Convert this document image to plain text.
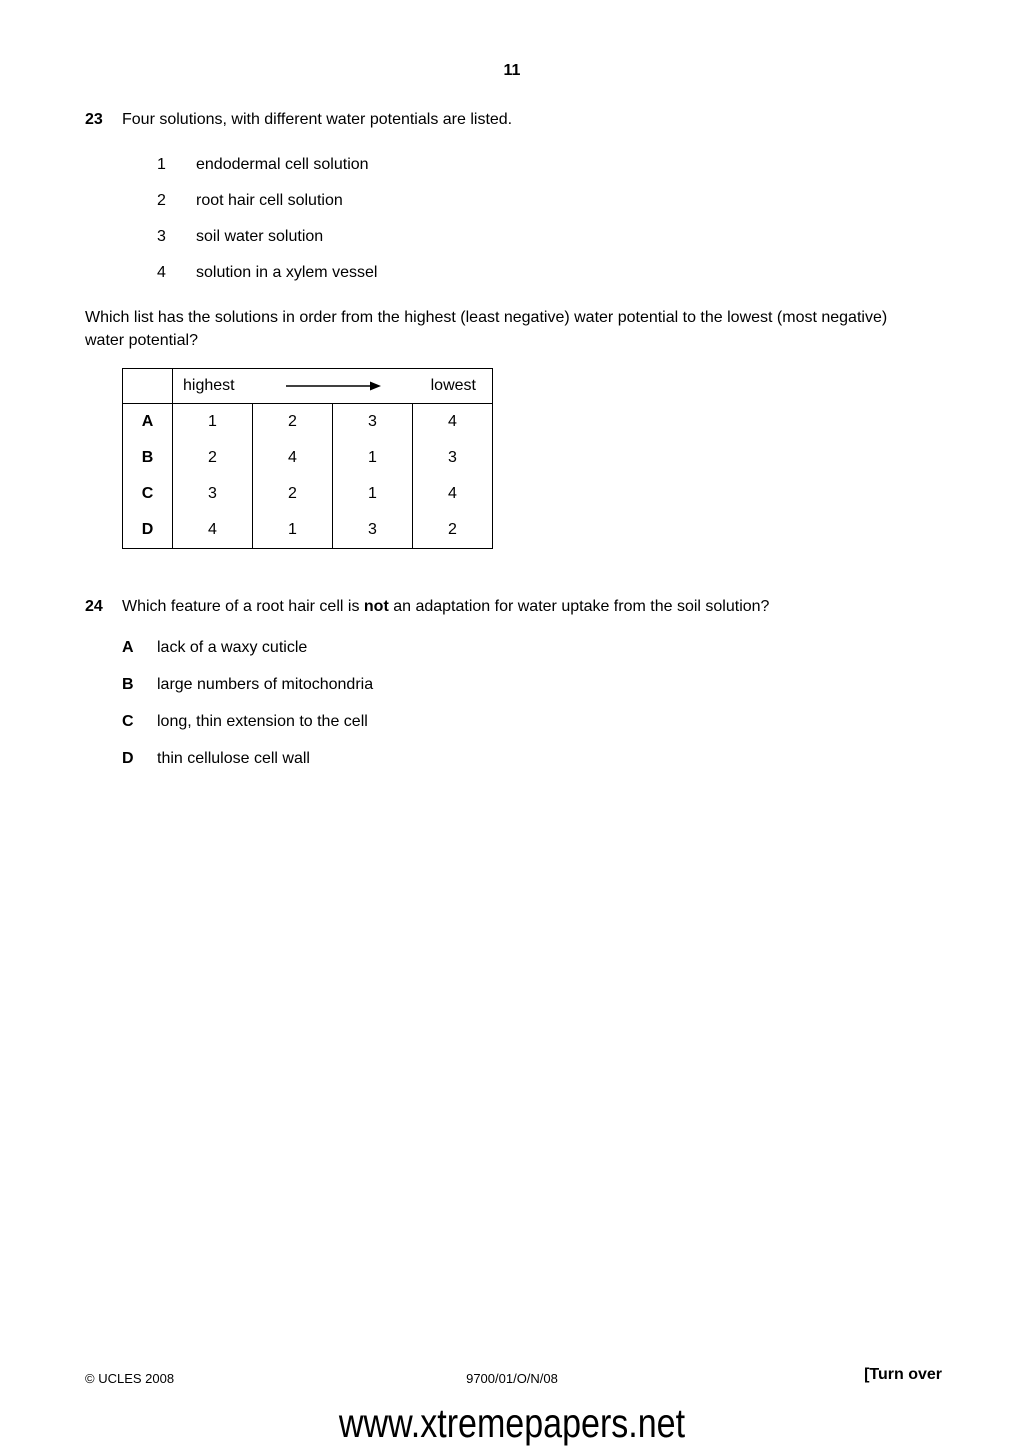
11
23 Four solutions, with different water potentials are listed.
1 endodermal cell solution
2 root hair cell solution
3 soil water solution
4 solution in a xylem vessel
Which list has the solutions in order from the highest (least negative) water potential to the lowest (most negative) water potential?

	highest lowest			

A	1	2	3	4
B	2	4	1	3
C	3	2	1	4
D	4	1	3	2
24 Which feature of a root hair cell is not an adaptation for water uptake from the soil solution?
A lack of a waxy cuticle
B large numbers of mitochondria
C long, thin extension to the cell
D thin cellulose cell wall
© UCLES 2008	9700/01/O/N/08	[Turn over
www.xtremepapers.net
